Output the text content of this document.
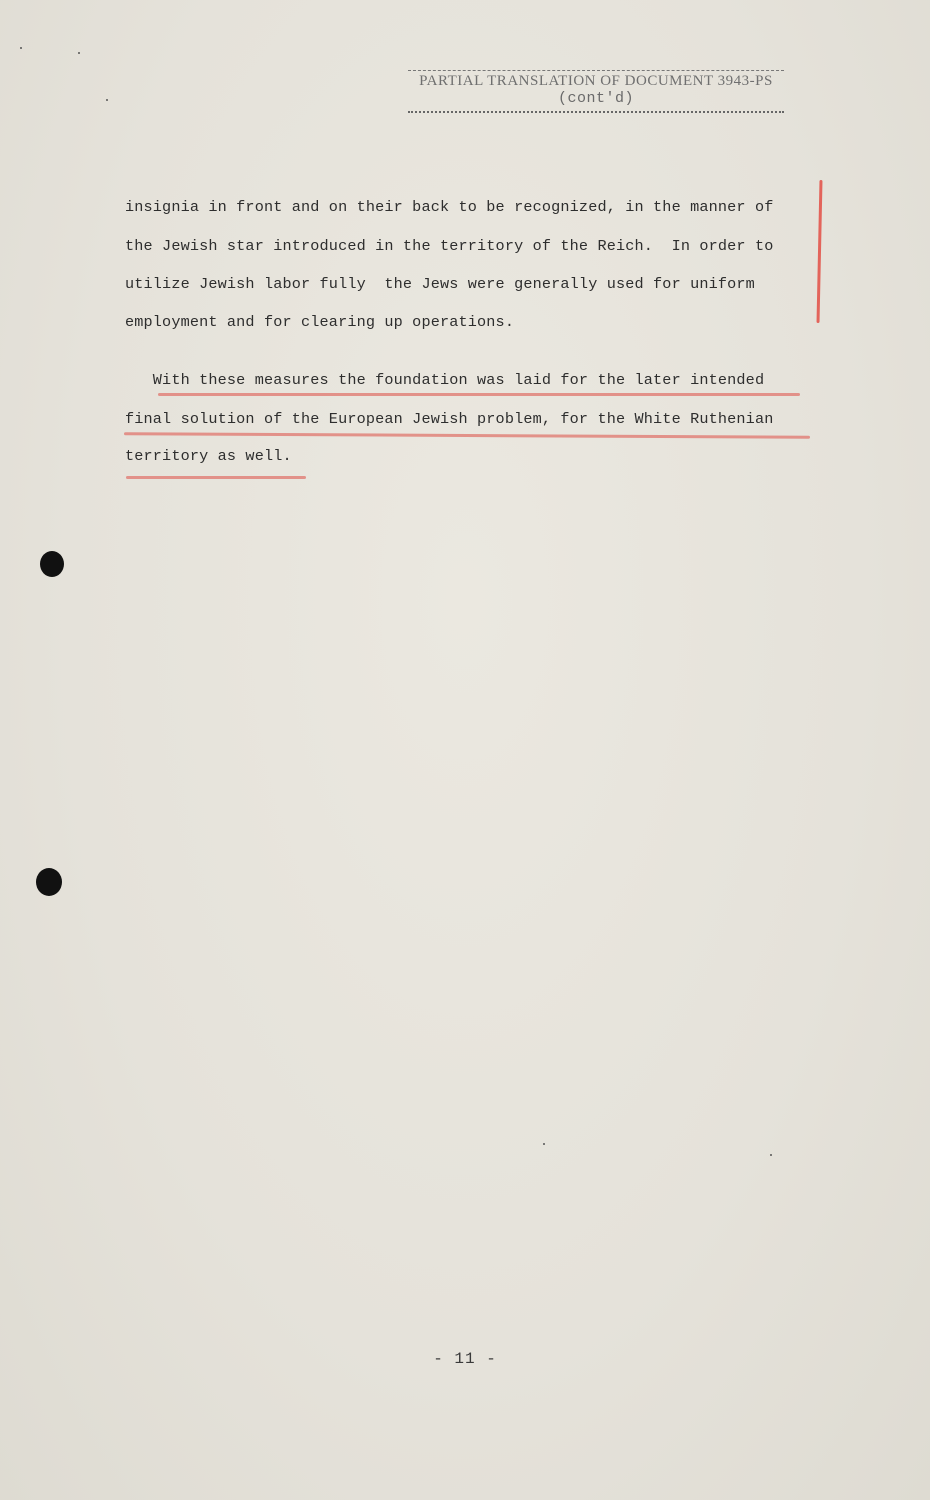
PARTIAL TRANSLATION OF DOCUMENT 3943-PS
(cont'd)
insignia in front and on their back to be recognized, in the manner of
the Jewish star introduced in the territory of the Reich.  In order to
utilize Jewish labor fully  the Jews were generally used for uniform
employment and for clearing up operations.
With these measures the foundation was laid for the later intended
final solution of the European Jewish problem, for the White Ruthenian
territory as well.
- 11 -
